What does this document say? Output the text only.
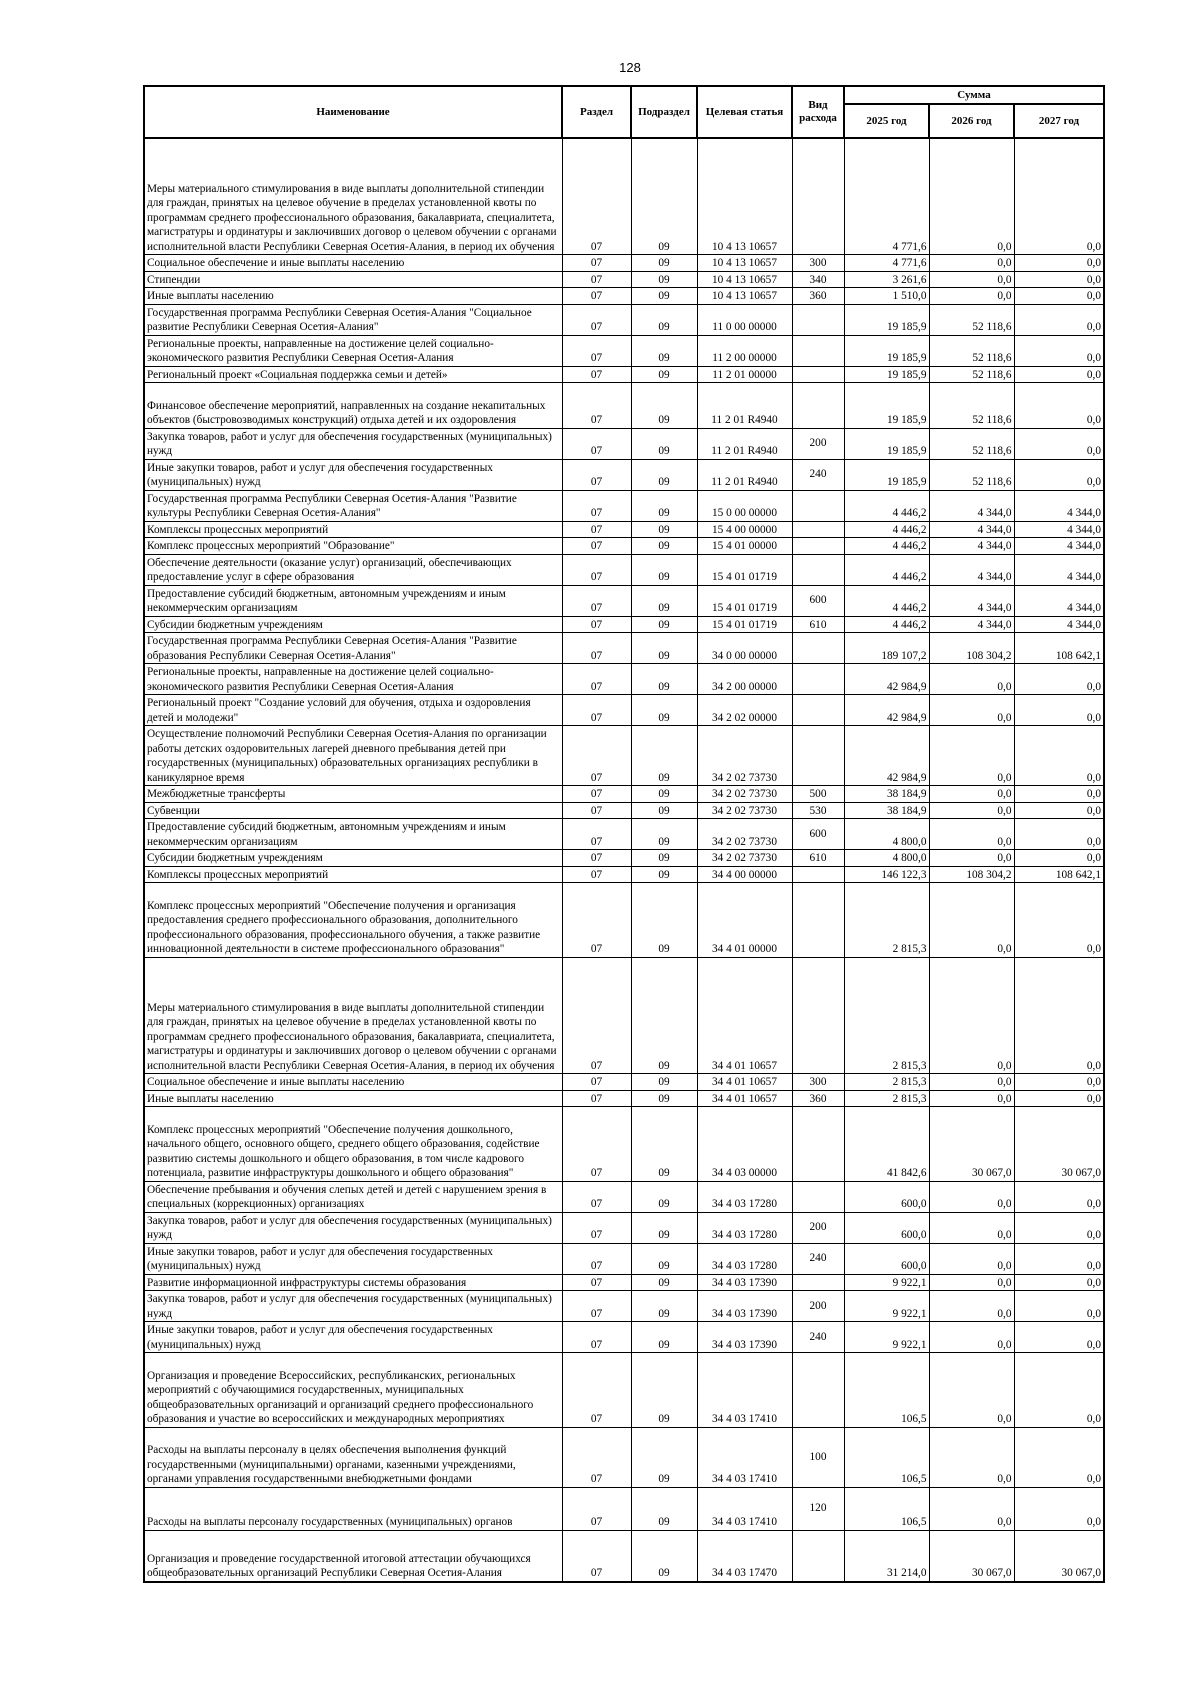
128
Наименование	Раздел	Подраздел	Целевая статья	Вид расхода	Сумма		
					2025 год	2026 год	2027 год
Меры материального стимулирования в виде выплаты дополнительной стипендии для граждан, принятых на целевое обучение в пределах установленной квоты по программам среднего профессионального образования, бакалавриата, специалитета, магистратуры и ординатуры и заключивших договор о целевом обучении с органами исполнительной власти Республики Северная Осетия-Алания, в период их обучения	07	09	10 4 13 10657		4 771,6	0,0	0,0
Социальное обеспечение и иные выплаты населению	07	09	10 4 13 10657	300	4 771,6	0,0	0,0
Стипендии	07	09	10 4 13 10657	340	3 261,6	0,0	0,0
Иные выплаты населению	07	09	10 4 13 10657	360	1 510,0	0,0	0,0
Государственная программа Республики Северная Осетия-Алания "Социальное развитие Республики Северная Осетия-Алания"	07	09	11 0 00 00000		19 185,9	52 118,6	0,0
Региональные проекты, направленные на достижение целей социально-экономического развития Республики Северная Осетия-Алания	07	09	11 2 00 00000		19 185,9	52 118,6	0,0
Региональный проект «Социальная поддержка семьи и детей»	07	09	11 2 01 00000		19 185,9	52 118,6	0,0
Финансовое обеспечение мероприятий, направленных на создание некапитальных объектов (быстровозводимых конструкций) отдыха детей и их оздоровления	07	09	11 2 01 R4940		19 185,9	52 118,6	0,0
Закупка товаров, работ и услуг для обеспечения государственных (муниципальных) нужд	07	09	11 2 01 R4940	200	19 185,9	52 118,6	0,0
Иные закупки товаров, работ и услуг для обеспечения государственных (муниципальных) нужд	07	09	11 2 01 R4940	240	19 185,9	52 118,6	0,0
Государственная программа Республики Северная Осетия-Алания "Развитие культуры Республики Северная Осетия-Алания"	07	09	15 0 00 00000		4 446,2	4 344,0	4 344,0
Комплексы процессных мероприятий	07	09	15 4 00 00000		4 446,2	4 344,0	4 344,0
Комплекс процессных мероприятий "Образование"	07	09	15 4 01 00000		4 446,2	4 344,0	4 344,0
Обеспечение деятельности (оказание услуг) организаций, обеспечивающих предоставление услуг в сфере образования	07	09	15 4 01 01719		4 446,2	4 344,0	4 344,0
Предоставление субсидий бюджетным, автономным учреждениям и иным некоммерческим организациям	07	09	15 4 01 01719	600	4 446,2	4 344,0	4 344,0
Субсидии бюджетным учреждениям	07	09	15 4 01 01719	610	4 446,2	4 344,0	4 344,0
Государственная программа Республики Северная Осетия-Алания "Развитие образования Республики Северная Осетия-Алания"	07	09	34 0 00 00000		189 107,2	108 304,2	108 642,1
Региональные проекты, направленные на достижение целей социально-экономического развития Республики Северная Осетия-Алания	07	09	34 2 00 00000		42 984,9	0,0	0,0
Региональный проект "Создание условий для обучения, отдыха и оздоровления детей и молодежи"	07	09	34 2 02 00000		42 984,9	0,0	0,0
Осуществление полномочий Республики Северная Осетия-Алания по организации работы детских оздоровительных лагерей дневного пребывания детей при государственных (муниципальных) образовательных организациях республики в каникулярное время	07	09	34 2 02 73730		42 984,9	0,0	0,0
Межбюджетные трансферты	07	09	34 2 02 73730	500	38 184,9	0,0	0,0
Субвенции	07	09	34 2 02 73730	530	38 184,9	0,0	0,0
Предоставление субсидий бюджетным, автономным учреждениям и иным некоммерческим организациям	07	09	34 2 02 73730	600	4 800,0	0,0	0,0
Субсидии бюджетным учреждениям	07	09	34 2 02 73730	610	4 800,0	0,0	0,0
Комплексы процессных мероприятий	07	09	34 4 00 00000		146 122,3	108 304,2	108 642,1
Комплекс процессных мероприятий "Обеспечение получения и организация предоставления среднего профессионального образования, дополнительного профессионального образования, профессионального обучения, а также развитие инновационной деятельности в системе профессионального образования"	07	09	34 4 01 00000		2 815,3	0,0	0,0
Меры материального стимулирования в виде выплаты дополнительной стипендии для граждан, принятых на целевое обучение в пределах установленной квоты по программам среднего профессионального образования, бакалавриата, специалитета, магистратуры и ординатуры и заключивших договор о целевом обучении с органами исполнительной власти Республики Северная Осетия-Алания, в период их обучения	07	09	34 4 01 10657		2 815,3	0,0	0,0
Социальное обеспечение и иные выплаты населению	07	09	34 4 01 10657	300	2 815,3	0,0	0,0
Иные выплаты населению	07	09	34 4 01 10657	360	2 815,3	0,0	0,0
Комплекс процессных мероприятий "Обеспечение получения дошкольного, начального общего, основного общего, среднего общего образования, содействие развитию системы дошкольного и общего образования, в том числе кадрового потенциала, развитие инфраструктуры дошкольного и общего образования"	07	09	34 4 03 00000		41 842,6	30 067,0	30 067,0
Обеспечение пребывания и обучения слепых детей и детей с нарушением зрения в специальных (коррекционных) организациях	07	09	34 4 03 17280		600,0	0,0	0,0
Закупка товаров, работ и услуг для обеспечения государственных (муниципальных) нужд	07	09	34 4 03 17280	200	600,0	0,0	0,0
Иные закупки товаров, работ и услуг для обеспечения государственных (муниципальных) нужд	07	09	34 4 03 17280	240	600,0	0,0	0,0
Развитие информационной инфраструктуры системы образования	07	09	34 4 03 17390		9 922,1	0,0	0,0
Закупка товаров, работ и услуг для обеспечения государственных (муниципальных) нужд	07	09	34 4 03 17390	200	9 922,1	0,0	0,0
Иные закупки товаров, работ и услуг для обеспечения государственных (муниципальных) нужд	07	09	34 4 03 17390	240	9 922,1	0,0	0,0
Организация и проведение Всероссийских, республиканских, региональных мероприятий с обучающимися государственных, муниципальных общеобразовательных организаций и организаций среднего профессионального образования и участие во всероссийских и международных мероприятиях	07	09	34 4 03 17410		106,5	0,0	0,0
Расходы на выплаты персоналу в целях обеспечения выполнения функций государственными (муниципальными) органами, казенными учреждениями, органами управления государственными внебюджетными фондами	07	09	34 4 03 17410	100	106,5	0,0	0,0
Расходы на выплаты персоналу государственных (муниципальных) органов	07	09	34 4 03 17410	120	106,5	0,0	0,0
Организация и проведение государственной итоговой аттестации обучающихся общеобразовательных организаций Республики Северная Осетия-Алания	07	09	34 4 03 17470		31 214,0	30 067,0	30 067,0
